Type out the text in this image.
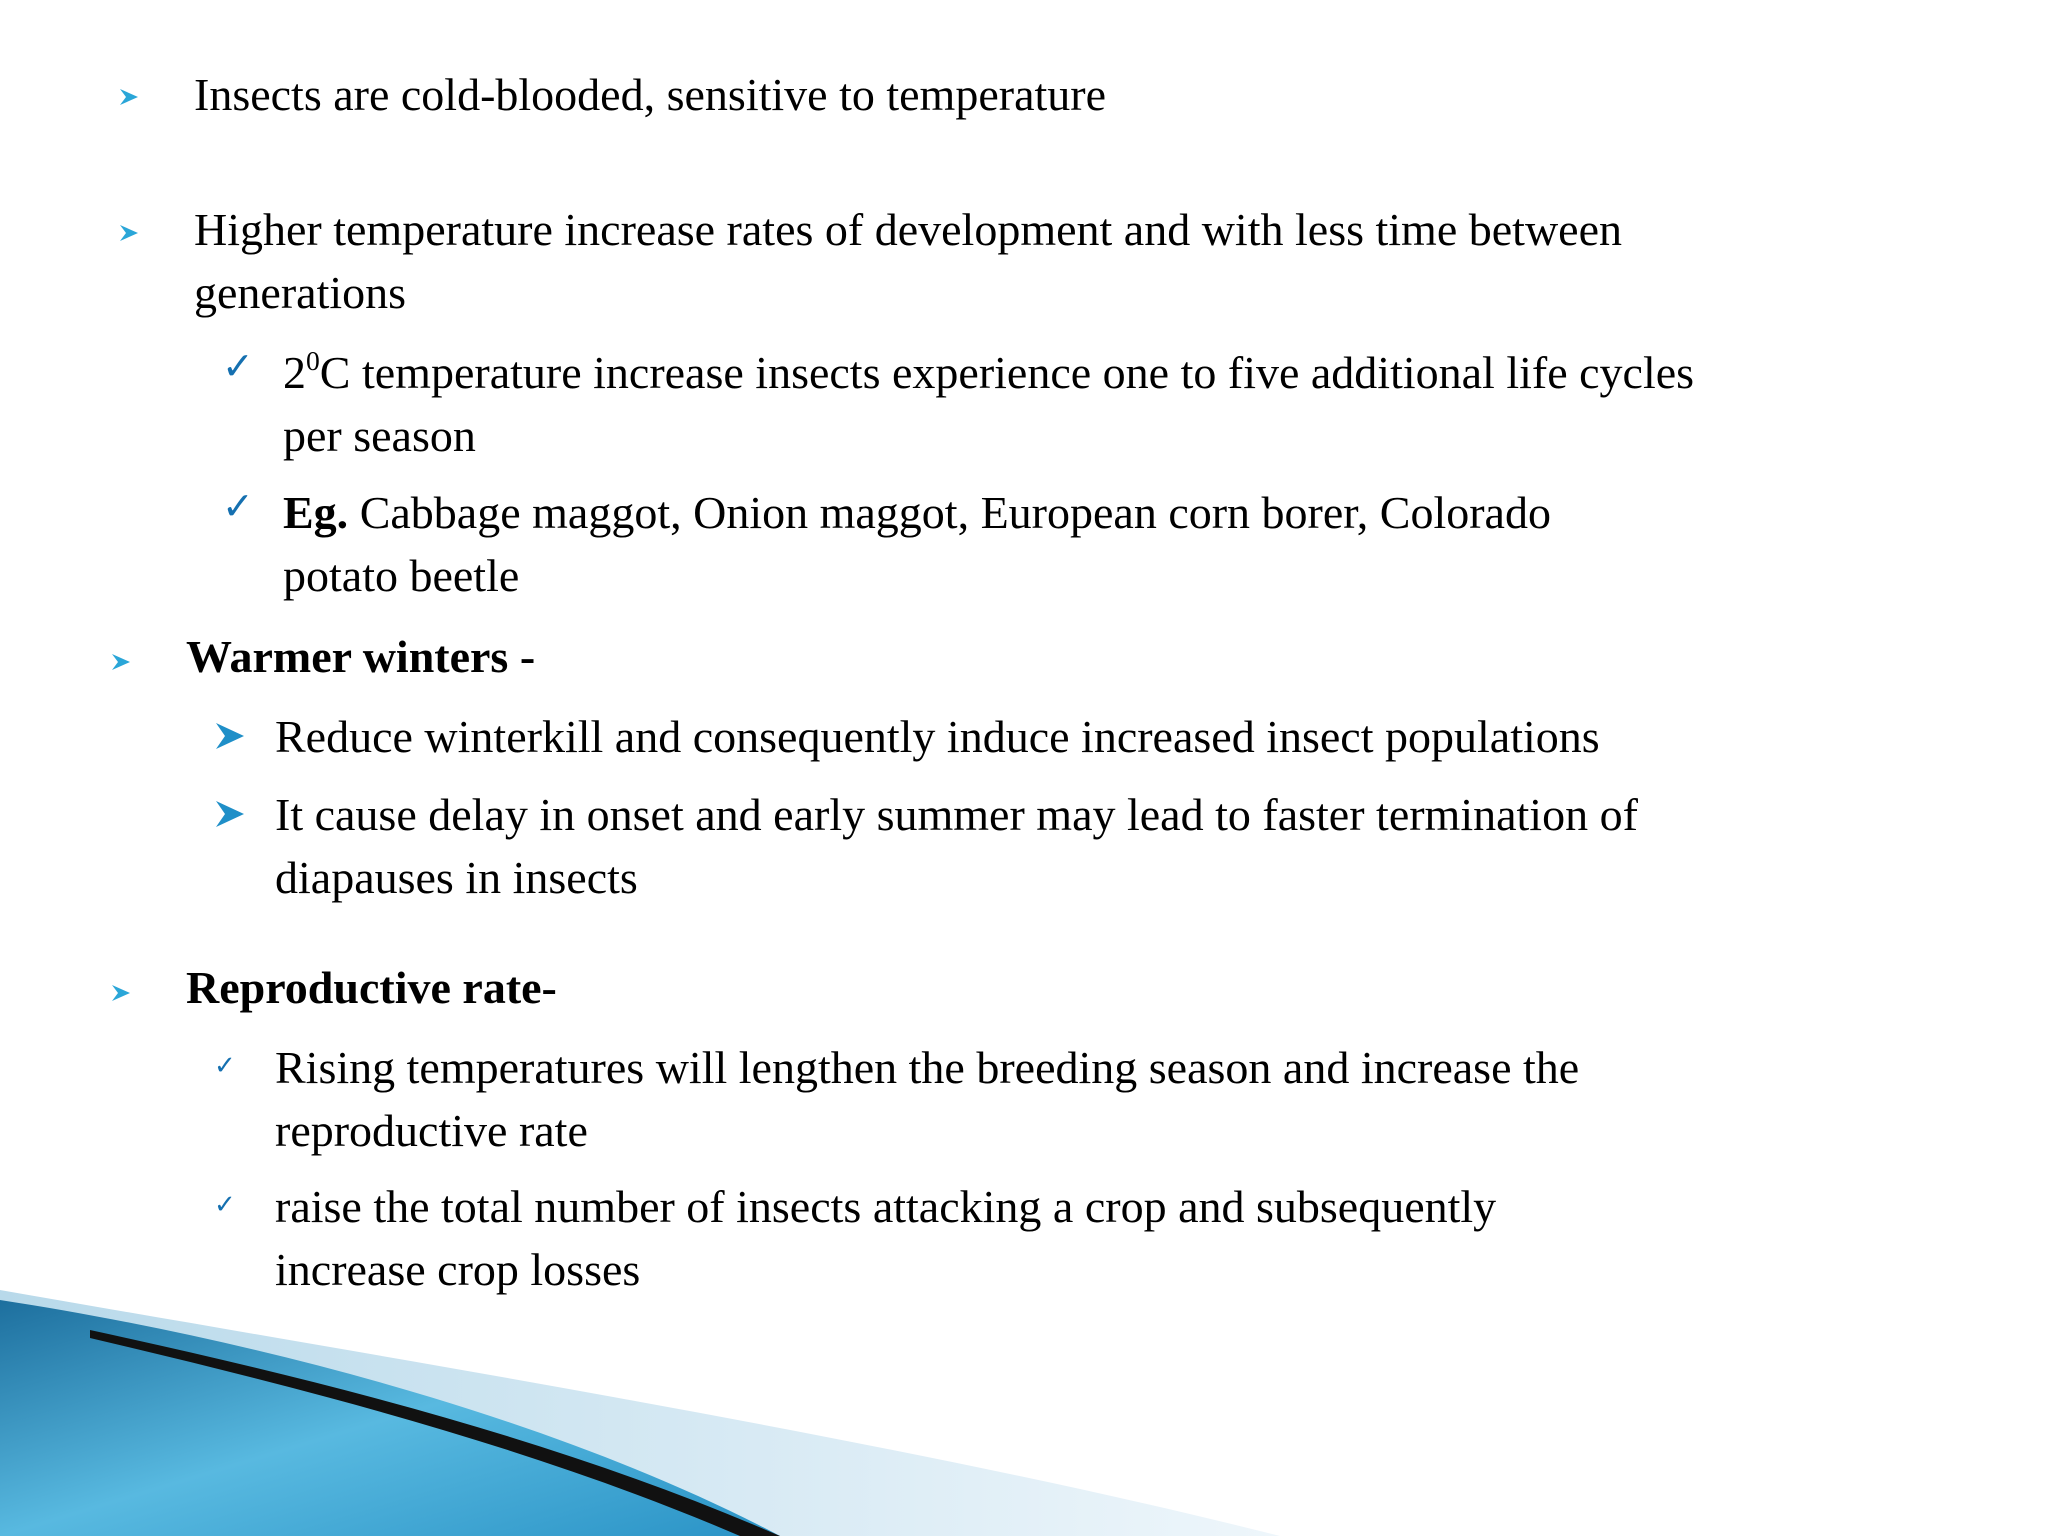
Insects are cold-blooded, sensitive to temperature
Higher temperature increase rates of development and with less time between
generations
✓ $2^0C$ temperature increase insects experience one to five additional life cycles
per season
✓ Eg. Cabbage maggot, Onion maggot, European corn borer, Colorado
potato beetle
Warmer winters -
Reduce winterkill and consequently induce increased insect populations
It cause delay in onset and early summer may lead to faster termination of
diapauses in insects
Reproductive rate-
✓ Rising temperatures will lengthen the breeding season and increase the
reproductive rate
✓ raise the total number of insects attacking a crop and subsequently
increase crop losses
